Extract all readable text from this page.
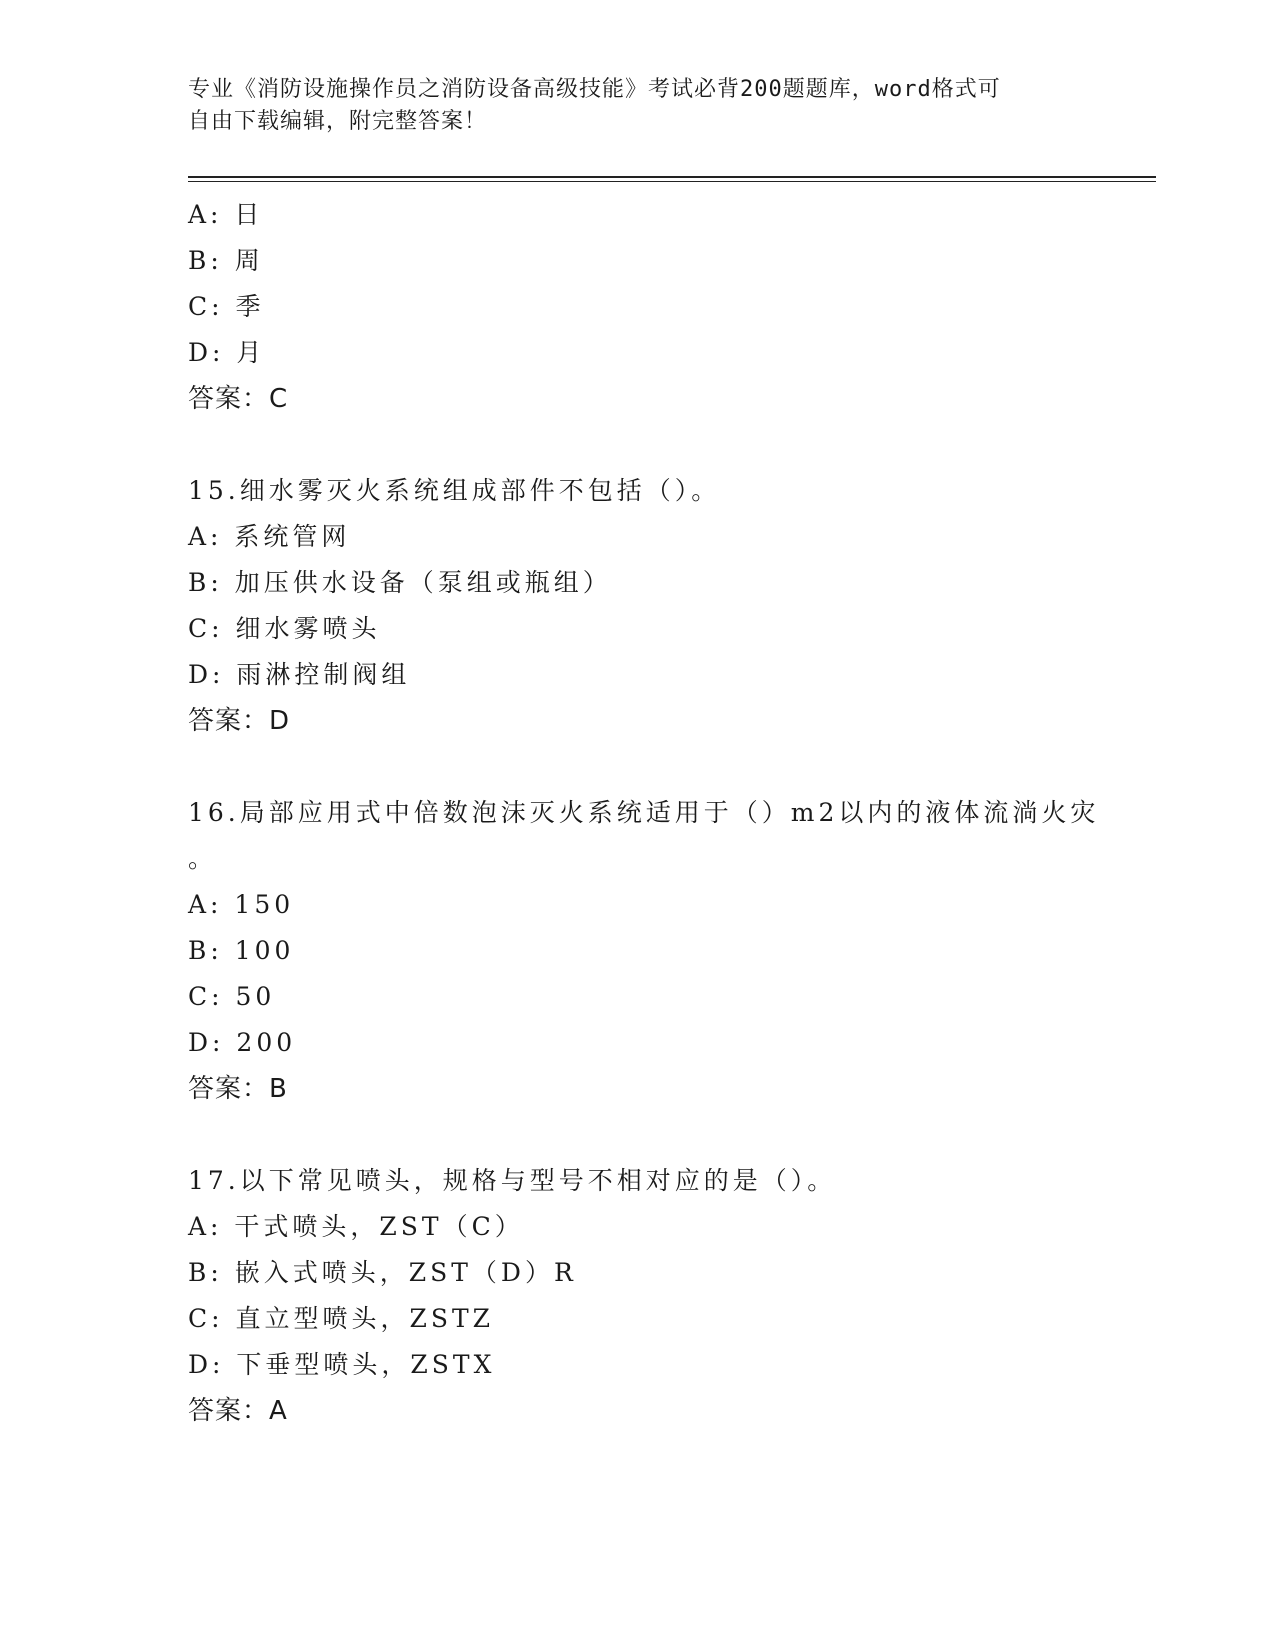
专业《消防设施操作员之消防设备高级技能》考试必背200题题库，word格式可
自由下载编辑，附完整答案！
A: 日
B: 周
C: 季
D: 月
答案：C
15.细水雾灭火系统组成部件不包括（）。
A: 系统管网
B: 加压供水设备（泵组或瓶组）
C: 细水雾喷头
D: 雨淋控制阀组
答案：D
16.局部应用式中倍数泡沫灭火系统适用于（）m2以内的液体流淌火灾
。
A: 150
B: 100
C: 50
D: 200
答案：B
17.以下常见喷头，规格与型号不相对应的是（）。
A: 干式喷头，ZST（C）
B: 嵌入式喷头，ZST（D）R
C: 直立型喷头，ZSTZ
D: 下垂型喷头，ZSTX
答案：A
